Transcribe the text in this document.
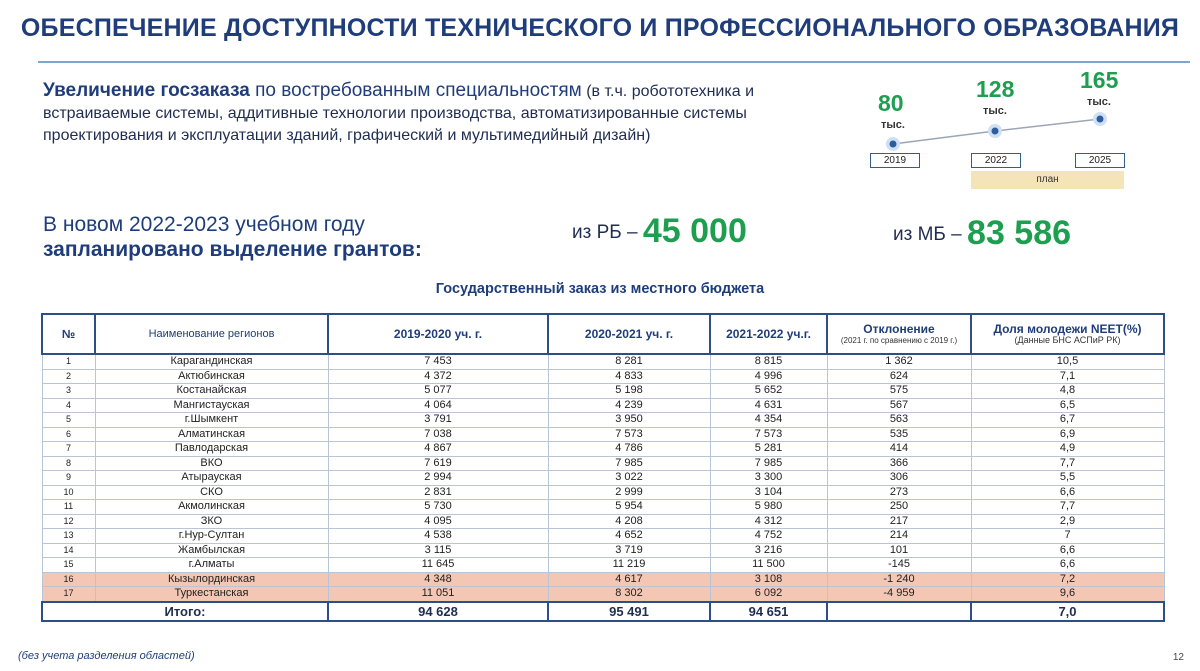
ОБЕСПЕЧЕНИЕ ДОСТУПНОСТИ ТЕХНИЧЕСКОГО И ПРОФЕССИОНАЛЬНОГО ОБРАЗОВАНИЯ
Увеличение госзаказа по востребованным специальностям (в т.ч. робототехника и встраиваемые системы, аддитивные технологии производства, автоматизированные системы проектирования и эксплуатации зданий, графический и мультимедийный дизайн)
80
тыс.
128
тыс.
165
тыс.
2019	2022	2025
план
В новом 2022-2023 учебном году
запланировано выделение грантов:
из РБ – 45 000	из МБ – 83 586
Государственный заказ из местного бюджета
№	Наименование регионов	2019-2020 уч. г.	2020-2021 уч. г.	2021-2022 уч.г.	Отклонение
(2021 г. по сравнению с 2019 г.)	Доля молодежи NEET(%)
(Данные БНС АСПиР РК)

1	Карагандинская	7 453	8 281	8 815	1 362	10,5
2	Актюбинская	4 372	4 833	4 996	624	7,1
3	Костанайская	5 077	5 198	5 652	575	4,8
4	Мангистауская	4 064	4 239	4 631	567	6,5
5	г.Шымкент	3 791	3 950	4 354	563	6,7
6	Алматинская	7 038	7 573	7 573	535	6,9
7	Павлодарская	4 867	4 786	5 281	414	4,9
8	ВКО	7 619	7 985	7 985	366	7,7
9	Атырауская	2 994	3 022	3 300	306	5,5
10	СКО	2 831	2 999	3 104	273	6,6
11	Акмолинская	5 730	5 954	5 980	250	7,7
12	ЗКО	4 095	4 208	4 312	217	2,9
13	г.Нур-Султан	4 538	4 652	4 752	214	7
14	Жамбылская	3 115	3 719	3 216	101	6,6
15	г.Алматы	11 645	11 219	11 500	-145	6,6
16	Кызылординская	4 348	4 617	3 108	-1 240	7,2
17	Туркестанская	11 051	8 302	6 092	-4 959	9,6
Итого:		94 628	95 491	94 651		7,0
(без учета разделения областей)	12
